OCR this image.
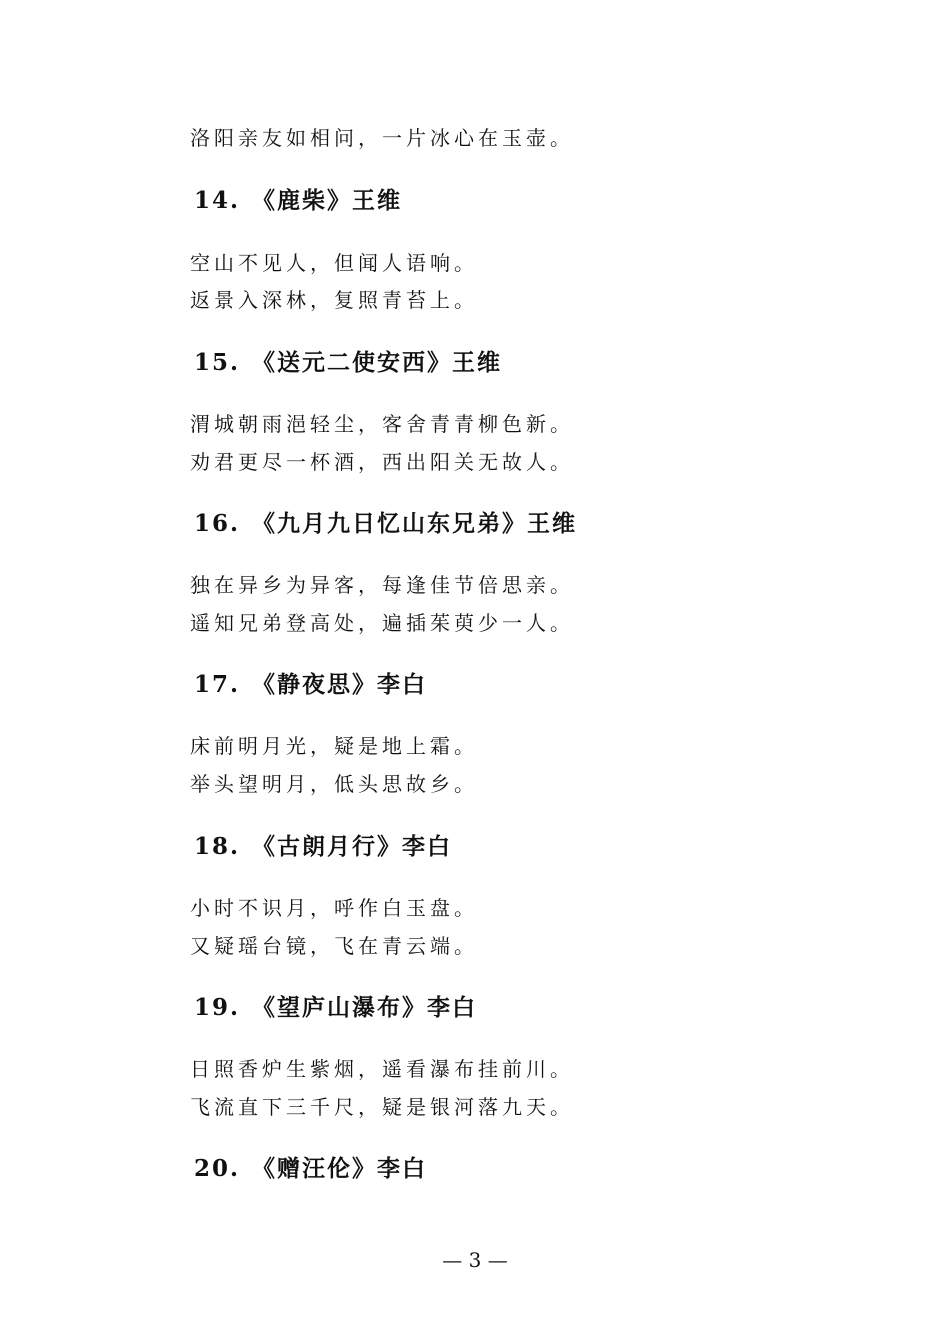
洛阳亲友如相问，一片冰心在玉壶。

14. 《鹿柴》王维

空山不见人，但闻人语响。

返景入深林，复照青苔上。

15. 《送元二使安西》王维

渭城朝雨浥轻尘，客舍青青柳色新。

劝君更尽一杯酒，西出阳关无故人。

16. 《九月九日忆山东兄弟》王维

独在异乡为异客，每逢佳节倍思亲。

遥知兄弟登高处，遍插茱萸少一人。

17. 《静夜思》李白

床前明月光，疑是地上霜。

举头望明月，低头思故乡。

18. 《古朗月行》李白

小时不识月，呼作白玉盘。

又疑瑶台镜，飞在青云端。

19. 《望庐山瀑布》李白

日照香炉生紫烟，遥看瀑布挂前川。

飞流直下三千尺，疑是银河落九天。

20. 《赠汪伦》李白
— 3 —
